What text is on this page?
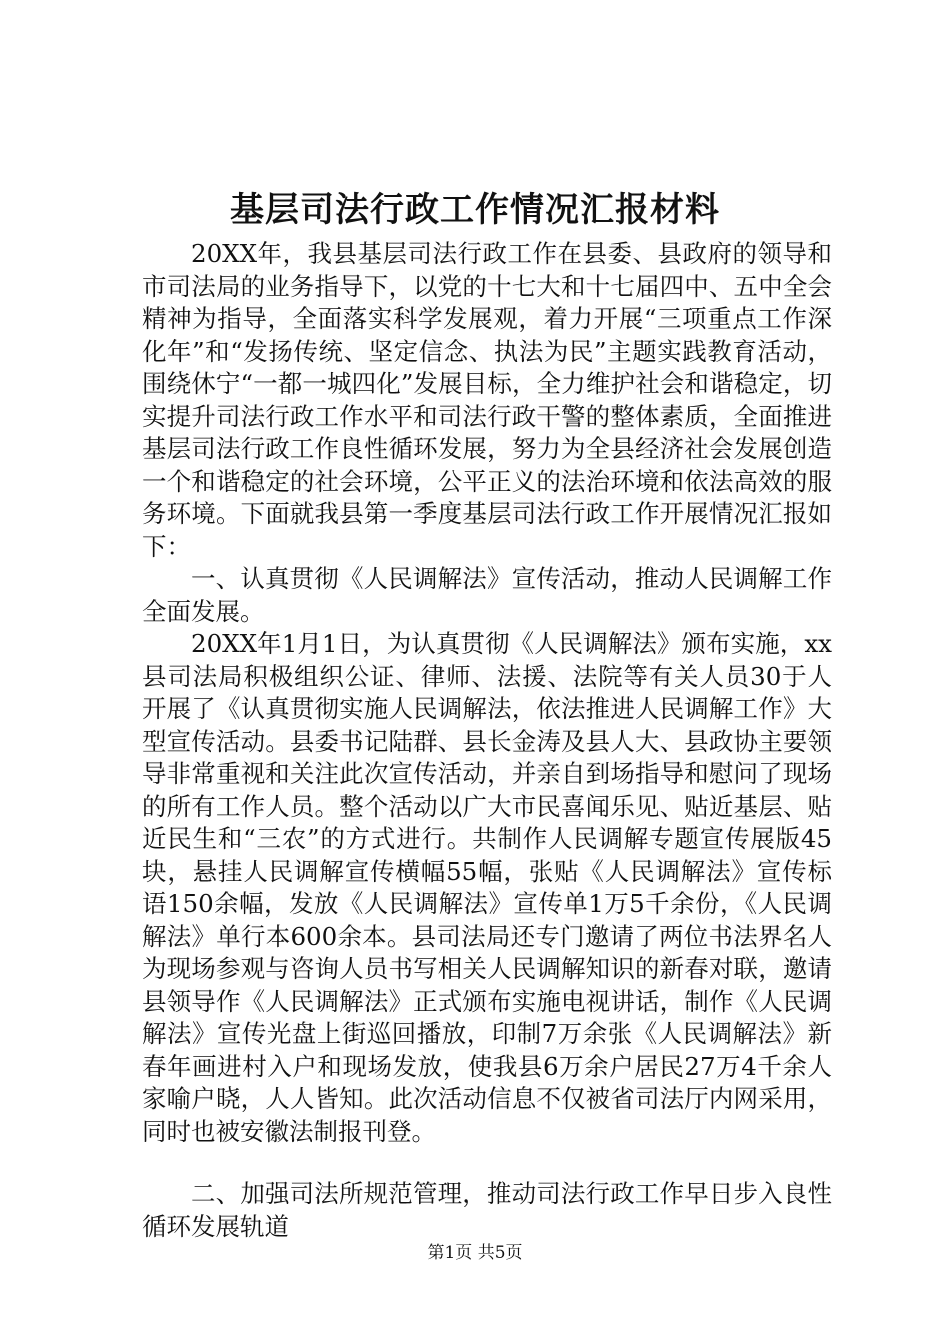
基层司法行政工作情况汇报材料

20XX年，我县基层司法行政工作在县委、县政府的领导和市司法局的业务指导下，以党的十七大和十七届四中、五中全会精神为指导，全面落实科学发展观，着力开展“三项重点工作深化年”和“发扬传统、坚定信念、执法为民”主题实践教育活动，围绕休宁“一都一城四化”发展目标，全力维护社会和谐稳定，切实提升司法行政工作水平和司法行政干警的整体素质，全面推进基层司法行政工作良性循环发展，努力为全县经济社会发展创造一个和谐稳定的社会环境，公平正义的法治环境和依法高效的服务环境。下面就我县第一季度基层司法行政工作开展情况汇报如下：

一、认真贯彻《人民调解法》宣传活动，推动人民调解工作全面发展。

20XX年1月1日，为认真贯彻《人民调解法》颁布实施，xx县司法局积极组织公证、律师、法援、法院等有关人员30于人开展了《认真贯彻实施人民调解法，依法推进人民调解工作》大型宣传活动。县委书记陆群、县长金涛及县人大、县政协主要领导非常重视和关注此次宣传活动，并亲自到场指导和慰问了现场的所有工作人员。整个活动以广大市民喜闻乐见、贴近基层、贴近民生和“三农”的方式进行。共制作人民调解专题宣传展版45块，悬挂人民调解宣传横幅55幅，张贴《人民调解法》宣传标语150余幅，发放《人民调解法》宣传单1万5千余份，《人民调解法》单行本600余本。县司法局还专门邀请了两位书法界名人为现场参观与咨询人员书写相关人民调解知识的新春对联，邀请县领导作《人民调解法》正式颁布实施电视讲话，制作《人民调解法》宣传光盘上街巡回播放，印制7万余张《人民调解法》新春年画进村入户和现场发放，使我县6万余户居民27万4千余人家喻户晓，人人皆知。此次活动信息不仅被省司法厅内网采用，同时也被安徽法制报刊登。

二、加强司法所规范管理，推动司法行政工作早日步入良性循环发展轨道

第1页 共5页
